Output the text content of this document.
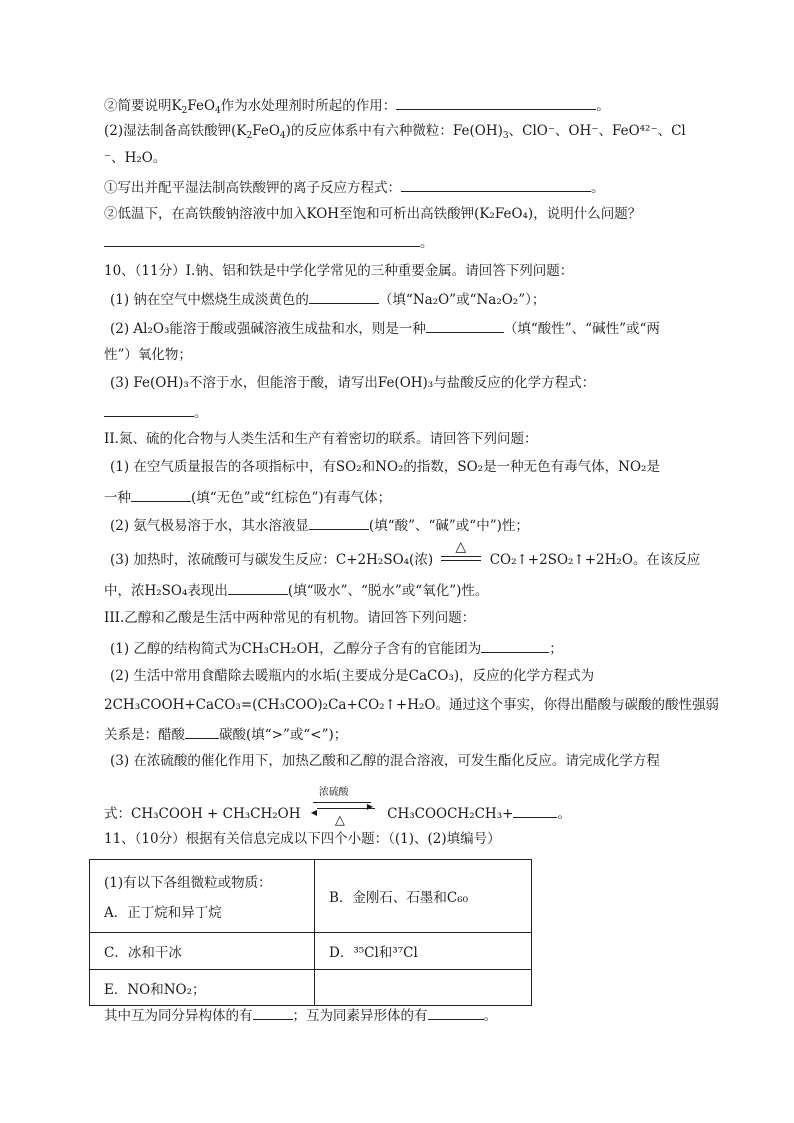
②简要说明$K_2FeO_4$作为水处理剂时所起的作用：	。
(2)湿法制备高铁酸钾$(K_2FeO_4)$的反应体系中有六种微粒：$Fe(OH)_3$、ClO⁻、OH⁻、FeO⁴²⁻、Cl
⁻、H₂O。
①写出并配平湿法制高铁酸钾的离子反应方程式：	。
②低温下，在高铁酸钠溶液中加入KOH至饱和可析出高铁酸钾(K₂FeO₄)，说明什么问题？
。
10、（11分）I.钠、铝和铁是中学化学常见的三种重要金属。请回答下列问题：
(1) 钠在空气中燃烧生成淡黄色的	（填“Na₂O”或“Na₂O₂”）；
(2) Al₂O₃能溶于酸或强碱溶液生成盐和水，则是一种	（填“酸性”、“碱性”或“两
性”）氧化物；
(3) Fe(OH)₃不溶于水，但能溶于酸，请写出Fe(OH)₃与盐酸反应的化学方程式：
。
II.氮、硫的化合物与人类生活和生产有着密切的联系。请回答下列问题：
(1) 在空气质量报告的各项指标中，有SO₂和NO₂的指数，SO₂是一种无色有毒气体，NO₂是
一种	(填“无色”或“红棕色”)有毒气体；
(2) 氨气极易溶于水，其水溶液显	(填“酸”、“碱”或“中”)性；
(3) 加热时，浓硫酸可与碳发生反应：C+2H₂SO₄(浓)
△
CO₂↑+2SO₂↑+2H₂O。在该反应
中，浓H₂SO₄表现出	(填“吸水”、“脱水”或“氧化”)性。
III.乙醇和乙酸是生活中两种常见的有机物。请回答下列问题：
(1) 乙醇的结构简式为CH₃CH₂OH，乙醇分子含有的官能团为	；
(2) 生活中常用食醋除去暖瓶内的水垢(主要成分是CaCO₃)，反应的化学方程式为
2CH₃COOH+CaCO₃=(CH₃COO)₂Ca+CO₂↑+H₂O。通过这个事实，你得出醋酸与碳酸的酸性强弱
关系是：醋酸	碳酸(填“>”或“<”)；
(3) 在浓硫酸的催化作用下，加热乙酸和乙醇的混合溶液，可发生酯化反应。请完成化学方程
式：CH₃COOH + CH₃CH₂OH
浓硫酸
▶
◀
△	CH₃COOCH₂CH₃+	。
11、（10分）根据有关信息完成以下四个小题：（(1)、(2)填编号）
(1)有以下各组微粒或物质：
A．正丁烷和异丁烷	B．金刚石、石墨和C₆₀
C．冰和干冰	D．³⁵Cl和³⁷Cl
E．NO和NO₂；	
其中互为同分异构体的有	；互为同素异形体的有	。
